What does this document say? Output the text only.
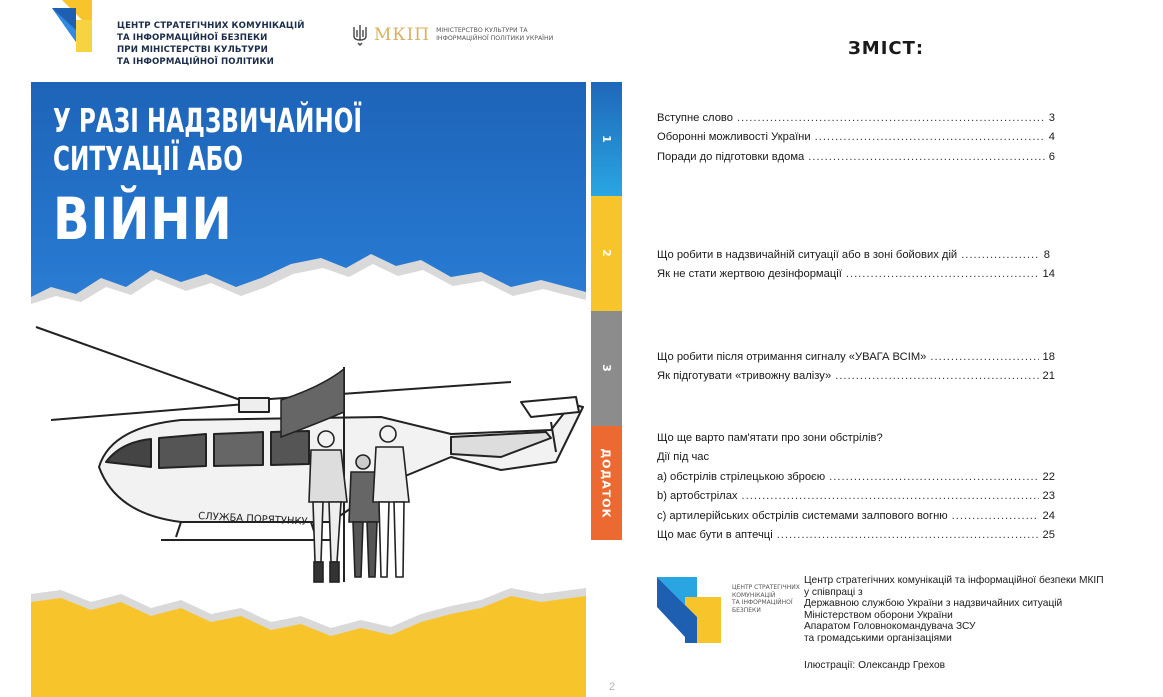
ЦЕНТР СТРАТЕГІЧНИХ КОМУНІКАЦІЙ
ТА ІНФОРМАЦІЙНОЇ БЕЗПЕКИ
ПРИ МІНІСТЕРСТВІ КУЛЬТУРИ
ТА ІНФОРМАЦІЙНОЇ ПОЛІТИКИ
МКІП МІНІСТЕРСТВО КУЛЬТУРИ ТА
ІНФОРМАЦІЙНОЇ ПОЛІТИКИ УКРАЇНИ
СЛУЖБА ПОРЯТУНКУ
У РАЗІ НАДЗВИЧАЙНОЇ
СИТУАЦІЇ АБО
ВІЙНИ
1
2
3
ДОДАТОК
2
ЗМІСТ:
Вступне слово .....	3
Оборонні можливості України .....	4
Поради до підготовки вдома .....	6
Що робити в надзвичайній ситуації або в зоні бойових дій .....	8
Як не стати жертвою дезінформації .....	14
Що робити після отримання сигналу «УВАГА ВСІМ» .....	18
Як підготувати «тривожну валізу» .....	21
Що ще варто пам'ятати про зони обстрілів?
Дії під час
а) обстрілів стрілецькою зброєю .....	22
b) артобстрілах .....	23
с) артилерійських обстрілів системами залпового вогню .....	24
Що має бути в аптечці .....	25
ЦЕНТР СТРАТЕГІЧНИХ
КОМУНІКАЦІЙ
ТА ІНФОРМАЦІЙНОЇ
БЕЗПЕКИ
Центр стратегічних комунікацій та інформаційної безпеки МКІП
у співпраці з
Державною службою України з надзвичайних ситуацій
Міністерством оборони України
Апаратом Головнокомандувача ЗСУ
та громадськими організаціями
Ілюстрації: Олександр Грехов
